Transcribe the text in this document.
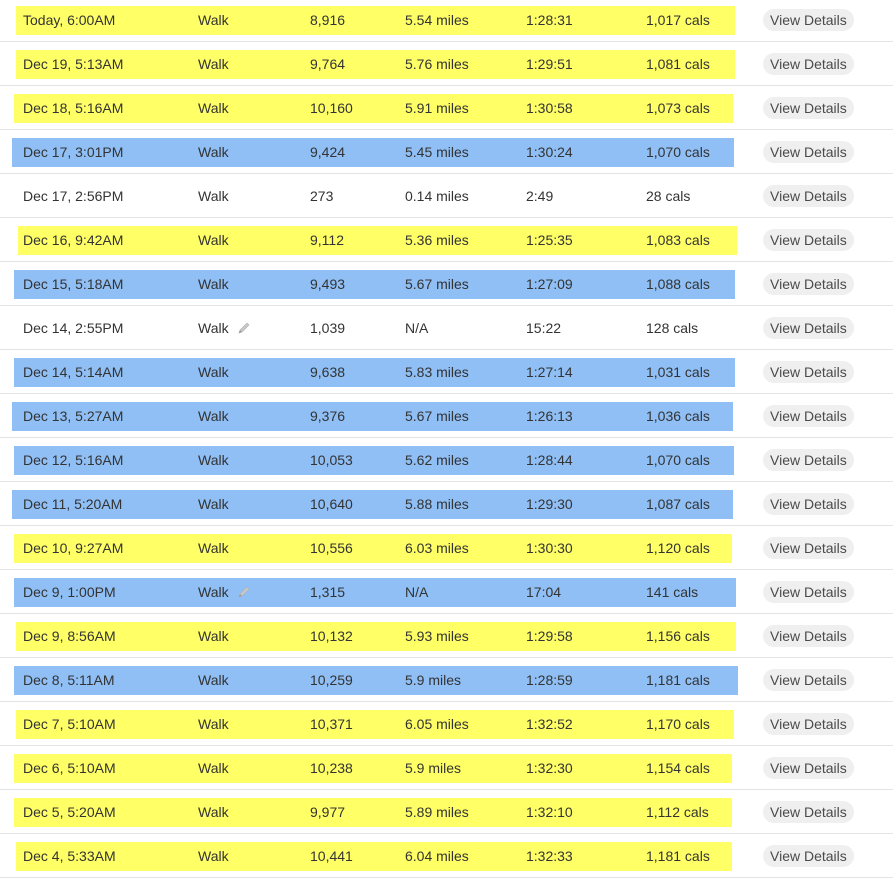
Today, 6:00AM	Walk	8,916	5.54 miles	1:28:31	1,017 cals	View Details
Dec 19, 5:13AM	Walk	9,764	5.76 miles	1:29:51	1,081 cals	View Details
Dec 18, 5:16AM	Walk	10,160	5.91 miles	1:30:58	1,073 cals	View Details
Dec 17, 3:01PM	Walk	9,424	5.45 miles	1:30:24	1,070 cals	View Details
Dec 17, 2:56PM	Walk	273	0.14 miles	2:49	28 cals	View Details
Dec 16, 9:42AM	Walk	9,112	5.36 miles	1:25:35	1,083 cals	View Details
Dec 15, 5:18AM	Walk	9,493	5.67 miles	1:27:09	1,088 cals	View Details
Dec 14, 2:55PM	Walk	1,039	N/A	15:22	128 cals	View Details
Dec 14, 5:14AM	Walk	9,638	5.83 miles	1:27:14	1,031 cals	View Details
Dec 13, 5:27AM	Walk	9,376	5.67 miles	1:26:13	1,036 cals	View Details
Dec 12, 5:16AM	Walk	10,053	5.62 miles	1:28:44	1,070 cals	View Details
Dec 11, 5:20AM	Walk	10,640	5.88 miles	1:29:30	1,087 cals	View Details
Dec 10, 9:27AM	Walk	10,556	6.03 miles	1:30:30	1,120 cals	View Details
Dec 9, 1:00PM	Walk	1,315	N/A	17:04	141 cals	View Details
Dec 9, 8:56AM	Walk	10,132	5.93 miles	1:29:58	1,156 cals	View Details
Dec 8, 5:11AM	Walk	10,259	5.9 miles	1:28:59	1,181 cals	View Details
Dec 7, 5:10AM	Walk	10,371	6.05 miles	1:32:52	1,170 cals	View Details
Dec 6, 5:10AM	Walk	10,238	5.9 miles	1:32:30	1,154 cals	View Details
Dec 5, 5:20AM	Walk	9,977	5.89 miles	1:32:10	1,112 cals	View Details
Dec 4, 5:33AM	Walk	10,441	6.04 miles	1:32:33	1,181 cals	View Details
